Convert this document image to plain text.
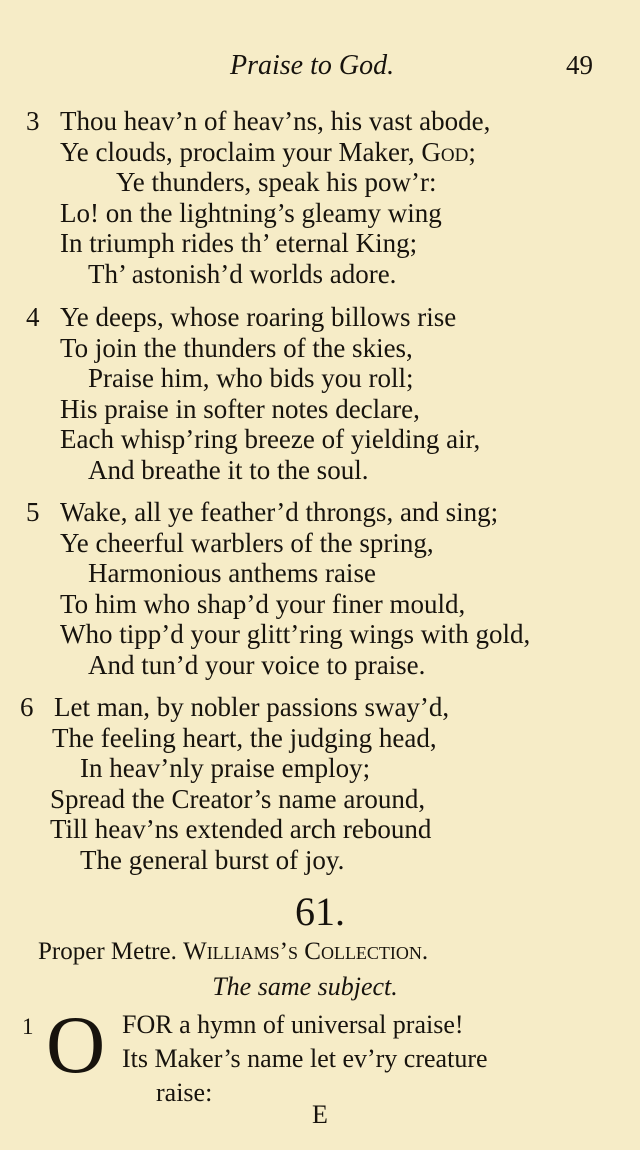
Praise to God.	49
3 Thou heav’n of heav’ns, his vast abode,
Ye clouds, proclaim your Maker, God;
Ye thunders, speak his pow’r:
Lo! on the lightning’s gleamy wing
In triumph rides th’ eternal King;
Th’ astonish’d worlds adore.
4 Ye deeps, whose roaring billows rise
To join the thunders of the skies,
Praise him, who bids you roll;
His praise in softer notes declare,
Each whisp’ring breeze of yielding air,
And breathe it to the soul.
5 Wake, all ye feather’d throngs, and sing;
Ye cheerful warblers of the spring,
Harmonious anthems raise
To him who shap’d your finer mould,
Who tipp’d your glitt’ring wings with gold,
And tun’d your voice to praise.
6 Let man, by nobler passions sway’d,
The feeling heart, the judging head,
In heav’nly praise employ;
Spread the Creator’s name around,
Till heav’ns extended arch rebound
The general burst of joy.
61.
Proper Metre. Williams’s Collection.
The same subject.
1 O FOR a hymn of universal praise!
Its Maker’s name let ev’ry creature
raise:
E
